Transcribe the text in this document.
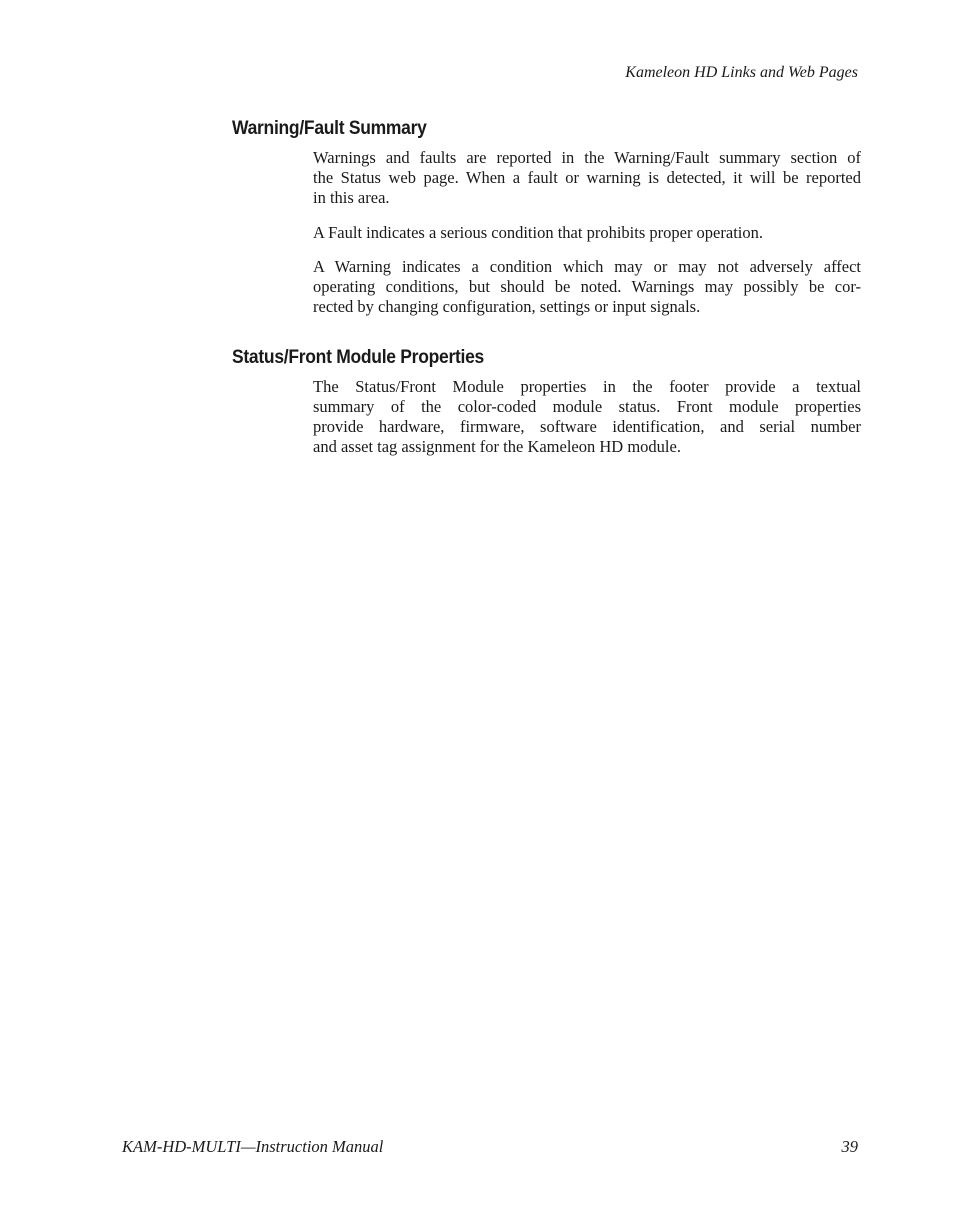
Kameleon HD Links and Web Pages
Warning/Fault Summary

Warnings and faults are reported in the Warning/Fault summary section of
the Status web page. When a fault or warning is detected, it will be reported
in this area.

A Fault indicates a serious condition that prohibits proper operation.

A Warning indicates a condition which may or may not adversely affect
operating conditions, but should be noted. Warnings may possibly be cor-
rected by changing configuration, settings or input signals.

Status/Front Module Properties

The Status/Front Module properties in the footer provide a textual
summary of the color-coded module status. Front module properties
provide hardware, firmware, software identification, and serial number
and asset tag assignment for the Kameleon HD module.

KAM-HD-MULTI—Instruction Manual	39
